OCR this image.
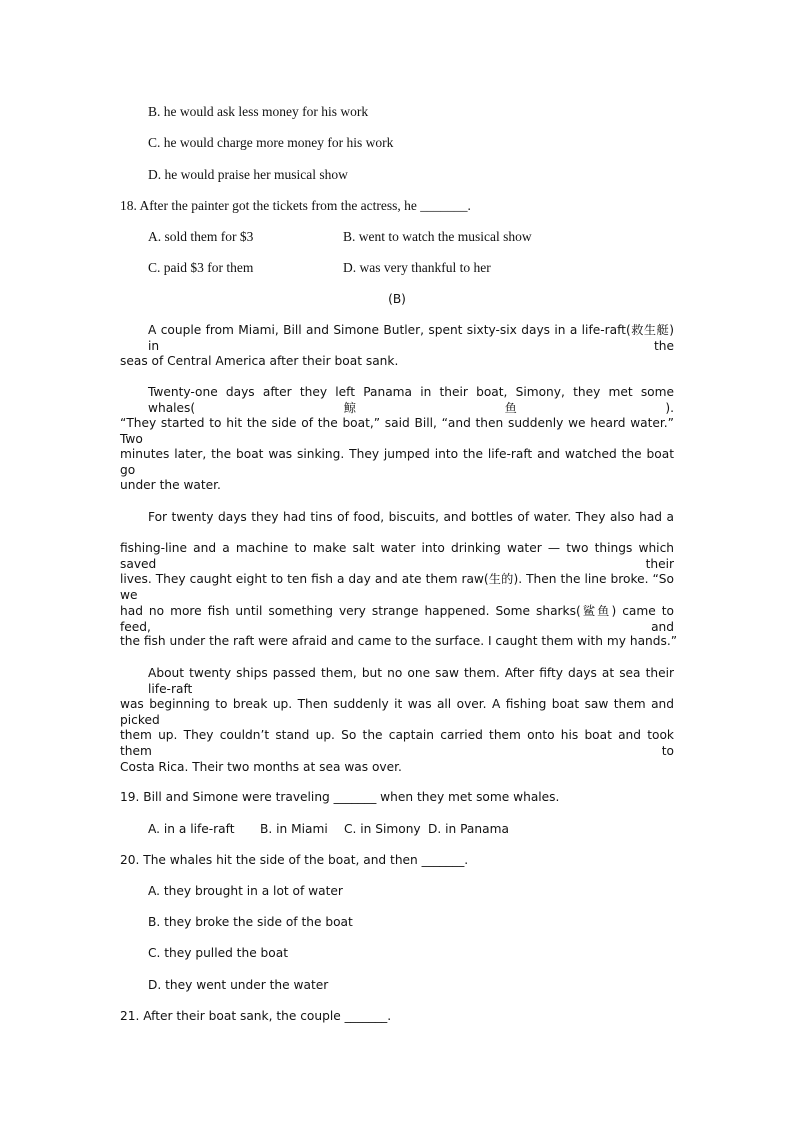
B. he would ask less money for his work
C. he would charge more money for his work
D. he would praise her musical show
18. After the painter got the tickets from the actress, he _______.
A. sold them for $3	B. went to watch the musical show
C. paid $3 for them	D. was very thankful to her
(B)
A couple from Miami, Bill and Simone Butler, spent sixty-six days in a life-raft(救生艇) in the
seas of Central America after their boat sank.
Twenty-one days after they left Panama in their boat, Simony, they met some whales(鲸鱼).
“They started to hit the side of the boat,” said Bill, “and then suddenly we heard water.” Two
minutes later, the boat was sinking. They jumped into the life-raft and watched the boat go
under the water.
For twenty days they had tins of food, biscuits, and bottles of water. They also had a
fishing-line and a machine to make salt water into drinking water — two things which saved their
lives. They caught eight to ten fish a day and ate them raw(生的). Then the line broke. “So we
had no more fish until something very strange happened. Some sharks(鲨鱼) came to feed, and
the fish under the raft were afraid and came to the surface. I caught them with my hands.”
About twenty ships passed them, but no one saw them. After fifty days at sea their life-raft
was beginning to break up. Then suddenly it was all over. A fishing boat saw them and picked
them up. They couldn’t stand up. So the captain carried them onto his boat and took them to
Costa Rica. Their two months at sea was over.
19. Bill and Simone were traveling _______ when they met some whales.
A. in a life-raft B. in Miami C. in Simony D. in Panama
20. The whales hit the side of the boat, and then _______.
A. they brought in a lot of water
B. they broke the side of the boat
C. they pulled the boat
D. they went under the water
21. After their boat sank, the couple _______.
